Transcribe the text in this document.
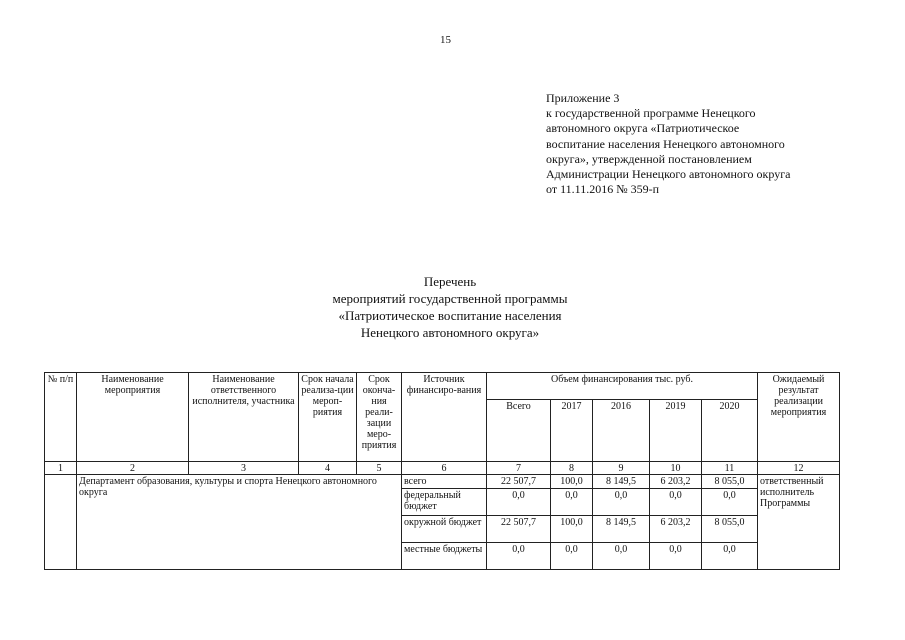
15
Приложение 3
к государственной программе Ненецкого
автономного округа «Патриотическое
воспитание населения Ненецкого автономного
округа», утвержденной постановлением
Администрации Ненецкого автономного округа
от 11.11.2016 № 359-п
Перечень
мероприятий государственной программы
«Патриотическое воспитание населения
Ненецкого автономного округа»
№ п/п	Наименование мероприятия	Наименование ответственного исполнителя, участника	Срок начала реализа-ции мероп-риятия	Срок оконча-ния реали-зации меро-приятия	Источник финансиро-вания	Объем финансирования тыс. руб.					Ожидаемый результат реализации мероприятия
						Всего	2017	2016	2019	2020	
1	2	3	4	5	6	7	8	9	10	11	12
	Департамент образования, культуры и спорта Ненецкого автономного округа				всего	22 507,7	100,0	8 149,5	6 203,2	8 055,0	ответственный исполнитель Программы
					федеральный бюджет	0,0	0,0	0,0	0,0	0,0	
					окружной бюджет	22 507,7	100,0	8 149,5	6 203,2	8 055,0	
					местные бюджеты	0,0	0,0	0,0	0,0	0,0	
